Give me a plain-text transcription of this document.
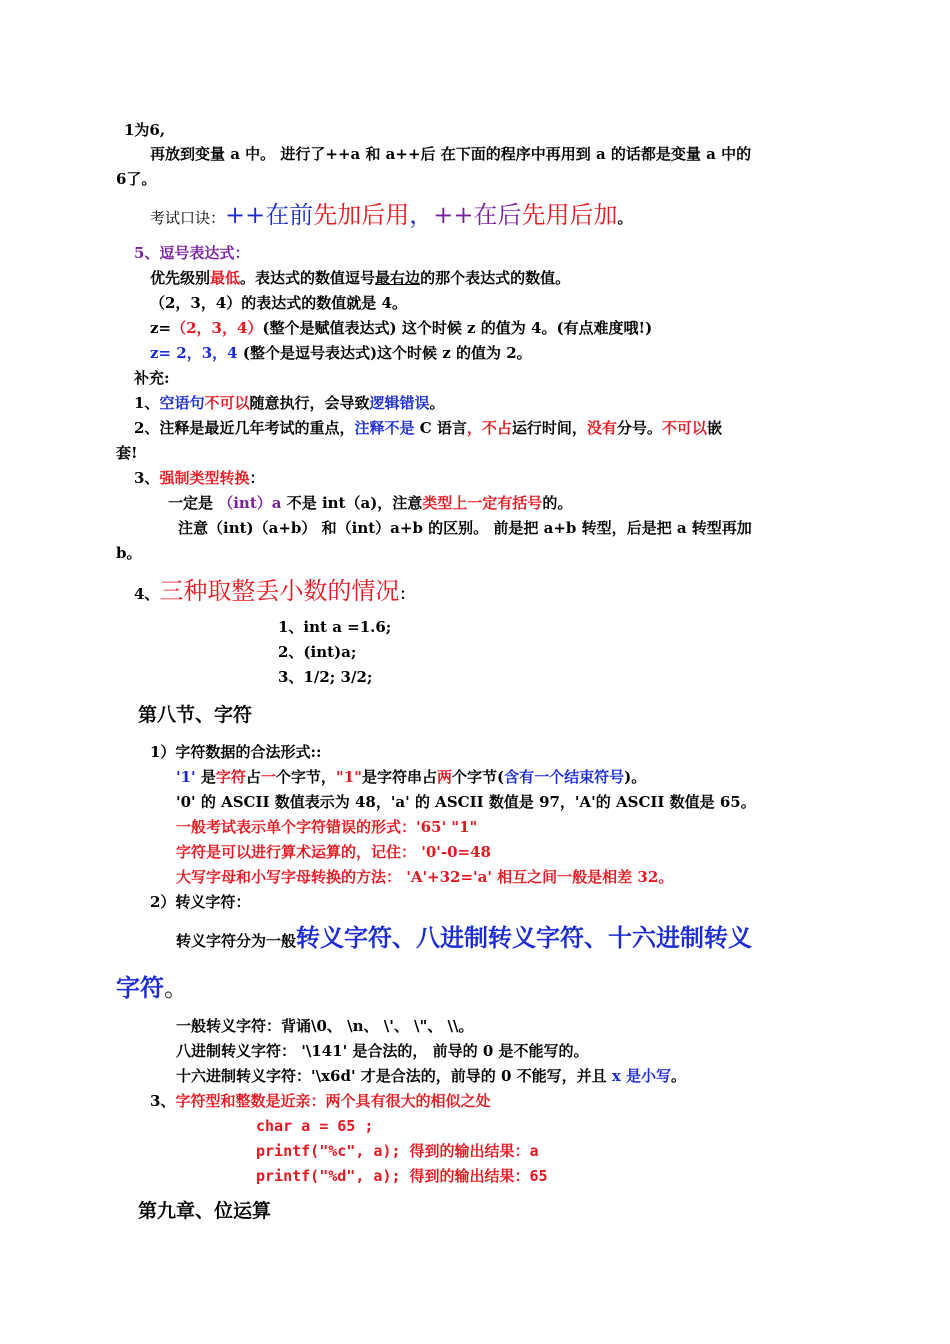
1为6,
再放到变量 a 中。 进行了++a 和 a++后 在下面的程序中再用到 a 的话都是变量 a 中的
6了。
考试口诀：++在前先加后用，++在后先用后加。
5、逗号表达式：
优先级别最低。表达式的数值逗号最右边的那个表达式的数值。
（2，3，4）的表达式的数值就是 4。
z=（2，3，4）(整个是赋值表达式) 这个时候 z 的值为 4。(有点难度哦!)
z= 2，3，4 (整个是逗号表达式)这个时候 z 的值为 2。
补充:
1、空语句不可以随意执行，会导致逻辑错误。
2、注释是最近几年考试的重点，注释不是 C 语言，不占运行时间，没有分号。不可以嵌
套!
3、强制类型转换：
一定是 （int）a 不是 int（a)，注意类型上一定有括号的。
注意（int)（a+b） 和（int）a+b 的区别。 前是把 a+b 转型，后是把 a 转型再加
b。
4、三种取整丢小数的情况：
1、int a =1.6;
2、(int)a;
3、1/2; 3/2;
第八节、字符
1）字符数据的合法形式::
'1' 是字符占一个字节，"1"是字符串占两个字节(含有一个结束符号)。
'0' 的 ASCII 数值表示为 48，'a' 的 ASCII 数值是 97，'A'的 ASCII 数值是 65。
一般考试表示单个字符错误的形式：'65' "1"
字符是可以进行算术运算的，记住： '0'-0=48
大写字母和小写字母转换的方法： 'A'+32='a' 相互之间一般是相差 32。
2）转义字符：
转义字符分为一般转义字符、八进制转义字符、十六进制转义
字符。
一般转义字符：背诵\0、 \n、 \'、 \"、 \\。
八进制转义字符： '\141' 是合法的， 前导的 0 是不能写的。
十六进制转义字符：'\x6d' 才是合法的，前导的 0 不能写，并且 x 是小写。
3、字符型和整数是近亲：两个具有很大的相似之处
char a = 65 ;
printf("%c", a); 得到的输出结果：a
printf("%d", a); 得到的输出结果：65
第九章、位运算
